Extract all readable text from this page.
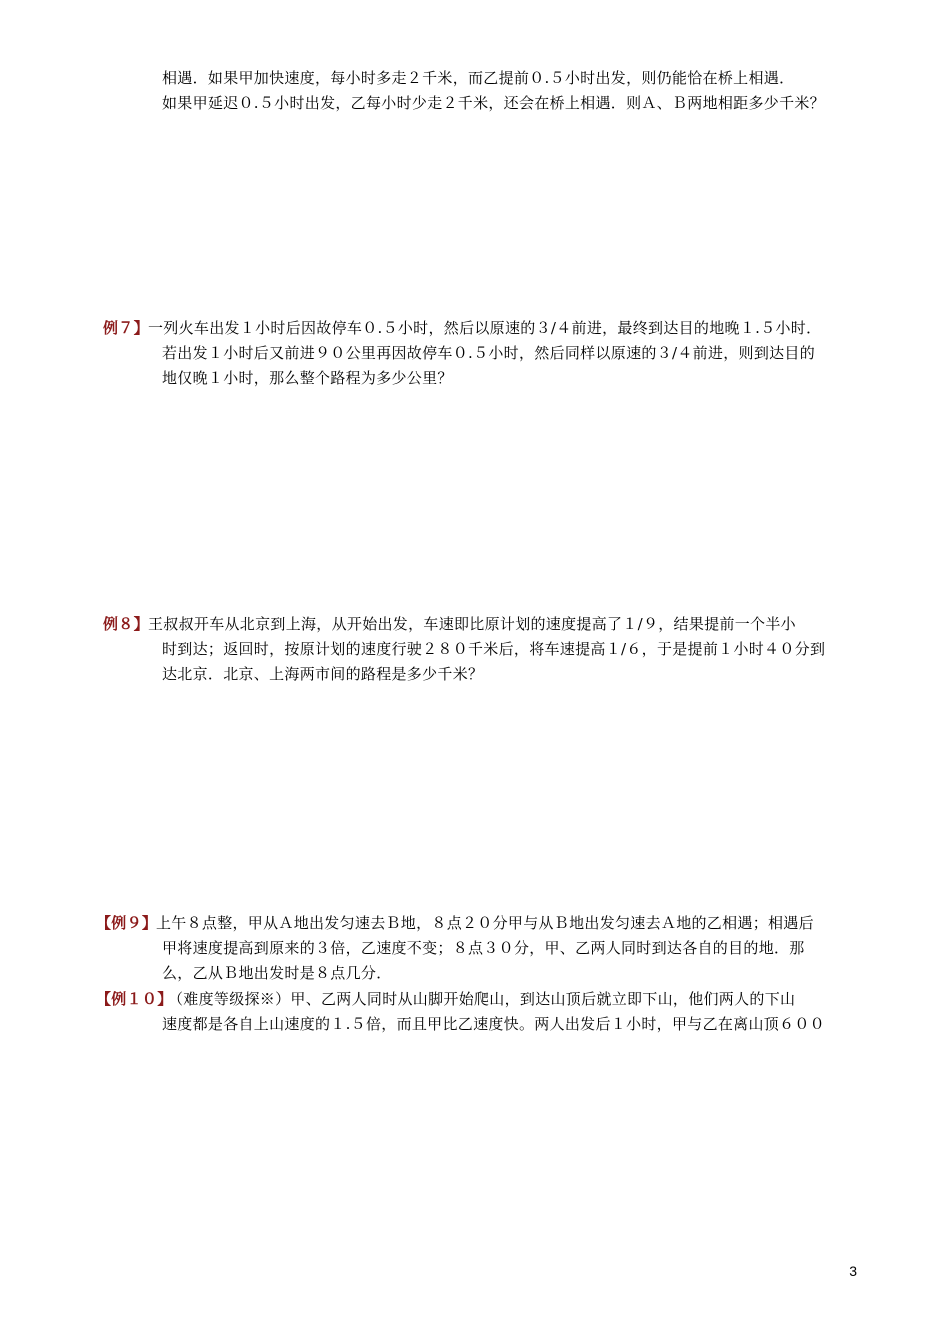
相遇．如果甲加快速度，每小时多走２千米，而乙提前０.５小时出发，则仍能恰在桥上相遇．
如果甲延迟０.５小时出发，乙每小时少走２千米，还会在桥上相遇．则Ａ、Ｂ两地相距多少千米？
例７】 一列火车出发１小时后因故停车０.５小时，然后以原速的３/４前进，最终到达目的地晚１.５小时．
若出发１小时后又前进９０公里再因故停车０.５小时，然后同样以原速的３/４前进，则到达目的
地仅晚１小时，那么整个路程为多少公里？
例８】 王叔叔开车从北京到上海，从开始出发，车速即比原计划的速度提高了１/９，结果提前一个半小
时到达；返回时，按原计划的速度行驶２８０千米后，将车速提高１/６，于是提前１小时４０分到
达北京．北京、上海两市间的路程是多少千米？
【例９】
上午８点整，甲从Ａ地出发匀速去Ｂ地，８点２０分甲与从Ｂ地出发匀速去Ａ地的乙相遇；相遇后
甲将速度提高到原来的３倍，乙速度不变；８点３０分，甲、乙两人同时到达各自的目的地．那
么，乙从Ｂ地出发时是８点几分．
【例１０】
（难度等级探※）甲、乙两人同时从山脚开始爬山，到达山顶后就立即下山，他们两人的下山
速度都是各自上山速度的１.５倍，而且甲比乙速度快。两人出发后１小时，甲与乙在离山顶６００
3
